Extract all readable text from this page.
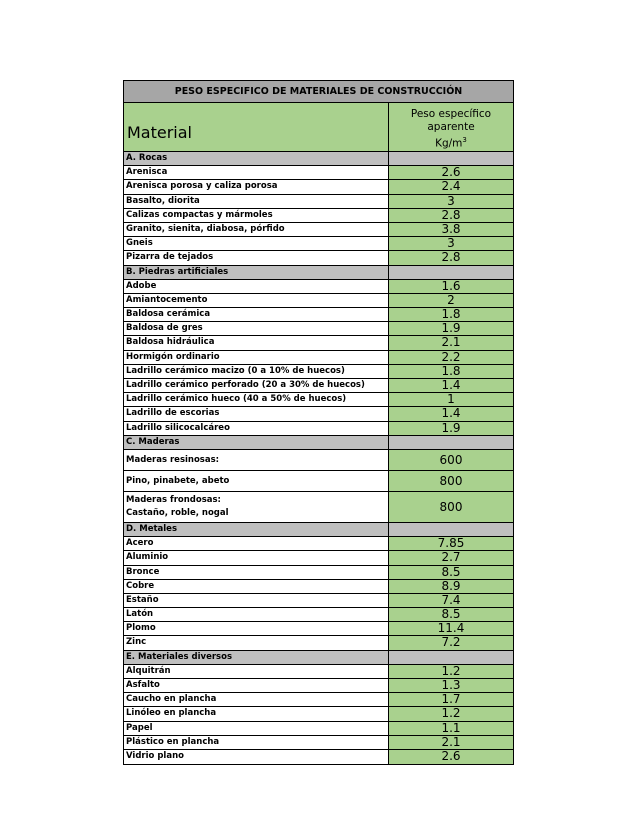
PESO ESPECIFICO DE MATERIALES DE CONSTRUCCIÓN
Material
Peso específico
aparente
$Kg/m^3$
A. Rocas
Arenisca	2.6
Arenisca porosa y caliza porosa	2.4
Basalto, diorita	3
Calizas compactas y mármoles	2.8
Granito, sienita, diabosa, pórfido	3.8
Gneis	3
Pizarra de tejados	2.8
B. Piedras artificiales
Adobe	1.6
Amiantocemento	2
Baldosa cerámica	1.8
Baldosa de gres	1.9
Baldosa hidráulica	2.1
Hormigón ordinario	2.2
Ladrillo cerámico macizo (0 a 10% de huecos)	1.8
Ladrillo cerámico perforado (20 a 30% de huecos)	1.4
Ladrillo cerámico hueco (40 a 50% de huecos)	1
Ladrillo de escorias	1.4
Ladrillo silicocalcáreo	1.9
C. Maderas
Maderas resinosas:	600
Pino, pinabete, abeto	800
Maderas frondosas:
Castaño, roble, nogal	800
D. Metales
Acero	7.85
Aluminio	2.7
Bronce	8.5
Cobre	8.9
Estaño	7.4
Latón	8.5
Plomo	11.4
Zinc	7.2
E. Materiales diversos
Alquitrán	1.2
Asfalto	1.3
Caucho en plancha	1.7
Linóleo en plancha	1.2
Papel	1.1
Plástico en plancha	2.1
Vidrio plano	2.6
